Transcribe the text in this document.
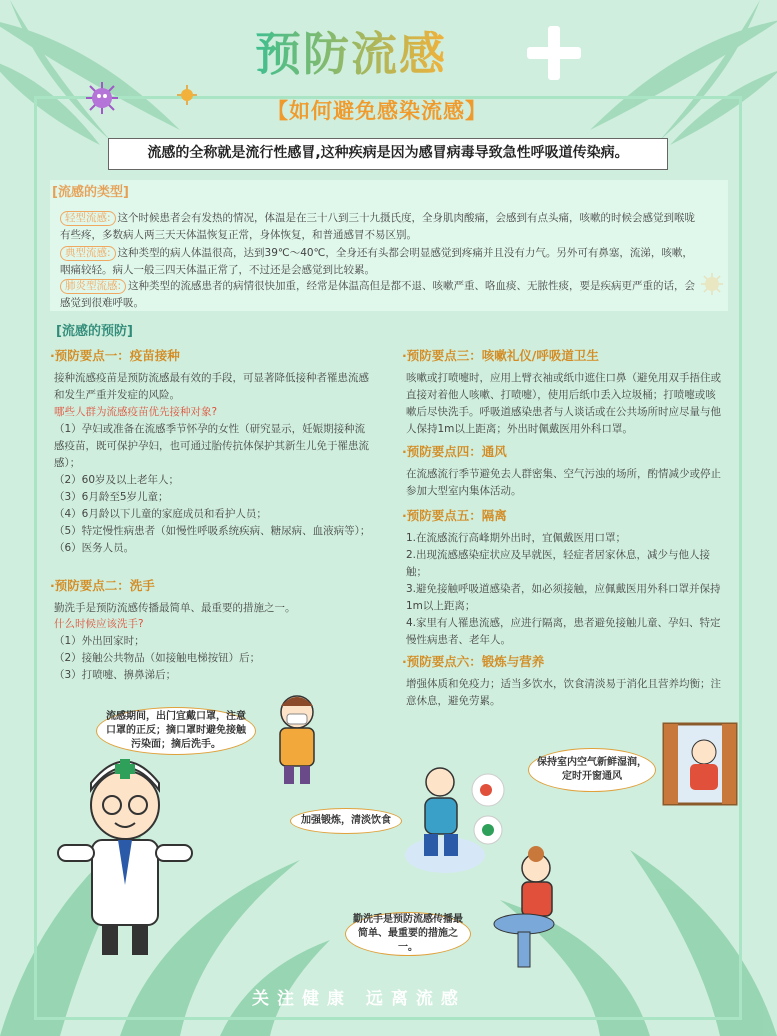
预防流感
【如何避免感染流感】
流感的全称就是流行性感冒,这种疾病是因为感冒病毒导致急性呼吸道传染病。
[流感的类型]
轻型流感: 这个时候患者会有发热的情况，体温是在三十八到三十九摄氏度，全身肌肉酸痛，会感到有点头痛，咳嗽的时候会感觉到喉咙有些疼，多数病人两三天天体温恢复正常，身体恢复，和普通感冒不易区别。
典型流感: 这种类型的病人体温很高，达到39℃～40℃，全身还有头都会明显感觉到疼痛并且没有力气。另外可有鼻塞，流涕，咳嗽，咽痛较轻。病人一般三四天体温正常了，不过还是会感觉到比较累。
肺炎型流感: 这种类型的流感患者的病情很快加重，经常是体温高但是都不退、咳嗽严重、咯血痰、无脓性痰，要是疾病更严重的话，会感觉到很难呼吸。
[流感的预防]
·预防要点一：疫苗接种
接种流感疫苗是预防流感最有效的手段，可显著降低接种者罹患流感和发生严重并发症的风险。
哪些人群为流感疫苗优先接种对象?
（1）孕妇或准备在流感季节怀孕的女性（研究显示，妊娠期接种流感疫苗，既可保护孕妇，也可通过胎传抗体保护其新生儿免于罹患流感）；
（2）60岁及以上老年人；
（3）6月龄至5岁儿童；
（4）6月龄以下儿童的家庭成员和看护人员；
（5）特定慢性病患者（如慢性呼吸系统疾病、糖尿病、血液病等）；
（6）医务人员。
·预防要点二：洗手
勤洗手是预防流感传播最简单、最重要的措施之一。
什么时候应该洗手?
（1）外出回家时；
（2）接触公共物品（如接触电梯按钮）后；
（3）打喷嚏、擤鼻涕后；
·预防要点三：咳嗽礼仪/呼吸道卫生
咳嗽或打喷嚏时，应用上臂衣袖或纸巾遮住口鼻（避免用双手捂住或直接对着他人咳嗽、打喷嚏），使用后纸巾丢入垃圾桶；打喷嚏或咳嗽后尽快洗手。呼吸道感染患者与人谈话或在公共场所时应尽量与他人保持1m以上距离；外出时佩戴医用外科口罩。
·预防要点四：通风
在流感流行季节避免去人群密集、空气污浊的场所，酌情减少或停止参加大型室内集体活动。
·预防要点五：隔离
1.在流感流行高峰期外出时，宜佩戴医用口罩；
2.出现流感感染症状应及早就医，轻症者居家休息，减少与他人接触；
3.避免接触呼吸道感染者，如必须接触，应佩戴医用外科口罩并保持1m以上距离；
4.家里有人罹患流感，应进行隔离，患者避免接触儿童、孕妇、特定慢性病患者、老年人。
·预防要点六：锻炼与营养
增强体质和免疫力；适当多饮水，饮食清淡易于消化且营养均衡；注意休息，避免劳累。
流感期间，出门宜戴口罩，注意口罩的正反；摘口罩时避免接触污染面；摘后洗手。
加强锻炼，清淡饮食
保持室内空气新鲜湿润，定时开窗通风
勤洗手是预防流感传播最简单、最重要的措施之一。
关注健康 远离流感
